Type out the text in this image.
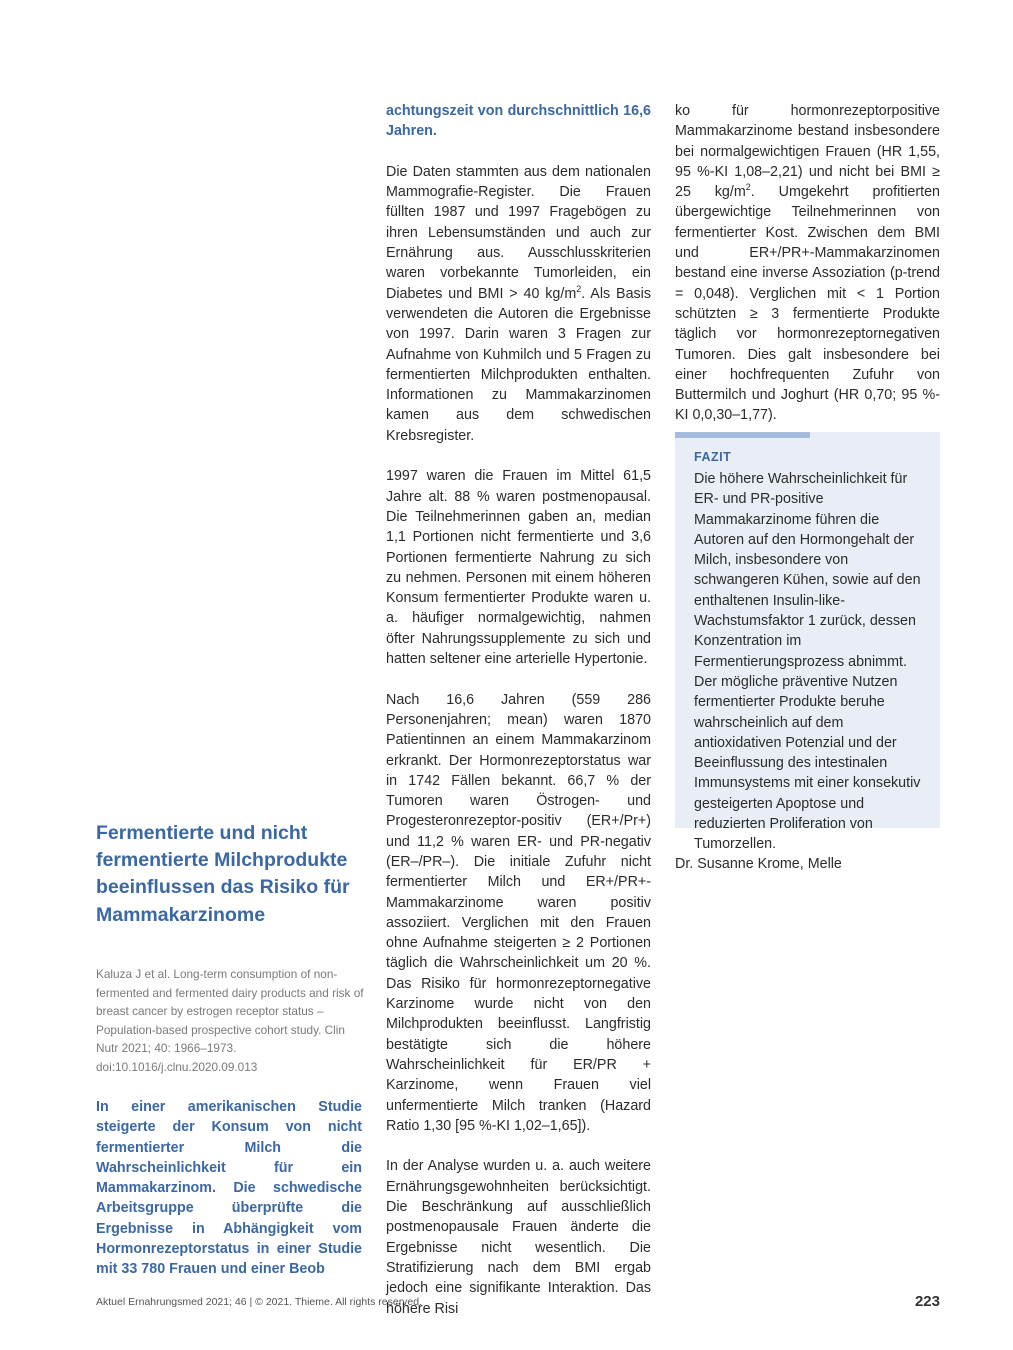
Fermentierte und nicht fermentierte Milchprodukte beeinflussen das Risiko für Mammakarzinome

Kaluza J et al. Long-term consumption of non-fermented and fermented dairy products and risk of breast cancer by estrogen receptor status – Population-based prospective cohort study. Clin Nutr 2021; 40: 1966–1973. doi:10.1016/j.clnu.2020.09.013

In einer amerikanischen Studie steigerte der Konsum von nicht fermentierter Milch die Wahrscheinlichkeit für ein Mammakarzinom. Die schwedische Arbeitsgruppe überprüfte die Ergebnisse in Abhängigkeit vom Hormonrezeptorstatus in einer Studie mit 33 780 Frauen und einer Beob

achtungszeit von durchschnittlich 16,6 Jahren.

Die Daten stammten aus dem nationalen Mammografie-Register. Die Frauen füllten 1987 und 1997 Fragebögen zu ihren Lebensumständen und auch zur Ernährung aus. Ausschlusskriterien waren vorbekannte Tumorleiden, ein Diabetes und BMI > 40 $kg/m^2$. Als Basis verwendeten die Autoren die Ergebnisse von 1997. Darin waren 3 Fragen zur Aufnahme von Kuhmilch und 5 Fragen zu fermentierten Milchprodukten enthalten. Informationen zu Mammakarzinomen kamen aus dem schwedischen Krebsregister.

1997 waren die Frauen im Mittel 61,5 Jahre alt. 88 % waren postmenopausal. Die Teilnehmerinnen gaben an, median 1,1 Portionen nicht fermentierte und 3,6 Portionen fermentierte Nahrung zu sich zu nehmen. Personen mit einem höheren Konsum fermentierter Produkte waren u. a. häufiger normalgewichtig, nahmen öfter Nahrungssupplemente zu sich und hatten seltener eine arterielle Hypertonie.

Nach 16,6 Jahren (559 286 Personenjahren; mean) waren 1870 Patientinnen an einem Mammakarzinom erkrankt. Der Hormonrezeptorstatus war in 1742 Fällen bekannt. 66,7 % der Tumoren waren Östrogen- und Progesteronrezeptor-positiv (ER+/Pr+) und 11,2 % waren ER- und PR-negativ (ER–/PR–). Die initiale Zufuhr nicht fermentierter Milch und ER+/PR+-Mammakarzinome waren positiv assoziiert. Verglichen mit den Frauen ohne Aufnahme steigerten ≥ 2 Portionen täglich die Wahrscheinlichkeit um 20 %. Das Risiko für hormonrezeptornegative Karzinome wurde nicht von den Milchprodukten beeinflusst. Langfristig bestätigte sich die höhere Wahrscheinlichkeit für ER/PR + Karzinome, wenn Frauen viel unfermentierte Milch tranken (Hazard Ratio 1,30 [95 %-KI 1,02–1,65]).

In der Analyse wurden u. a. auch weitere Ernährungsgewohnheiten berücksichtigt. Die Beschränkung auf ausschließlich postmenopausale Frauen änderte die Ergebnisse nicht wesentlich. Die Stratifizierung nach dem BMI ergab jedoch eine signifikante Interaktion. Das höhere Risi

ko für hormonrezeptorpositive Mammakarzinome bestand insbesondere bei normalgewichtigen Frauen (HR 1,55, 95 %-KI 1,08–2,21) und nicht bei BMI ≥ 25 $kg/m^2$. Umgekehrt profitierten übergewichtige Teilnehmerinnen von fermentierter Kost. Zwischen dem BMI und ER+/PR+-Mammakarzinomen bestand eine inverse Assoziation (p-trend = 0,048). Verglichen mit < 1 Portion schützten ≥ 3 fermentierte Produkte täglich vor hormonrezeptornegativen Tumoren. Dies galt insbesondere bei einer hochfrequenten Zufuhr von Buttermilch und Joghurt (HR 0,70; 95 %-KI 0,0,30–1,77).

FAZIT
Die höhere Wahrscheinlichkeit für ER- und PR-positive Mammakarzinome führen die Autoren auf den Hormongehalt der Milch, insbesondere von schwangeren Kühen, sowie auf den enthaltenen Insulin-like-Wachstumsfaktor 1 zurück, dessen Konzentration im Fermentierungsprozess abnimmt. Der mögliche präventive Nutzen fermentierter Produkte beruhe wahrscheinlich auf dem antioxidativen Potenzial und der Beeinflussung des intestinalen Immunsystems mit einer konsekutiv gesteigerten Apoptose und reduzierten Proliferation von Tumorzellen.
Dr. Susanne Krome, Melle
Aktuel Ernahrungsmed 2021; 46 | © 2021. Thieme. All rights reserved.	223
